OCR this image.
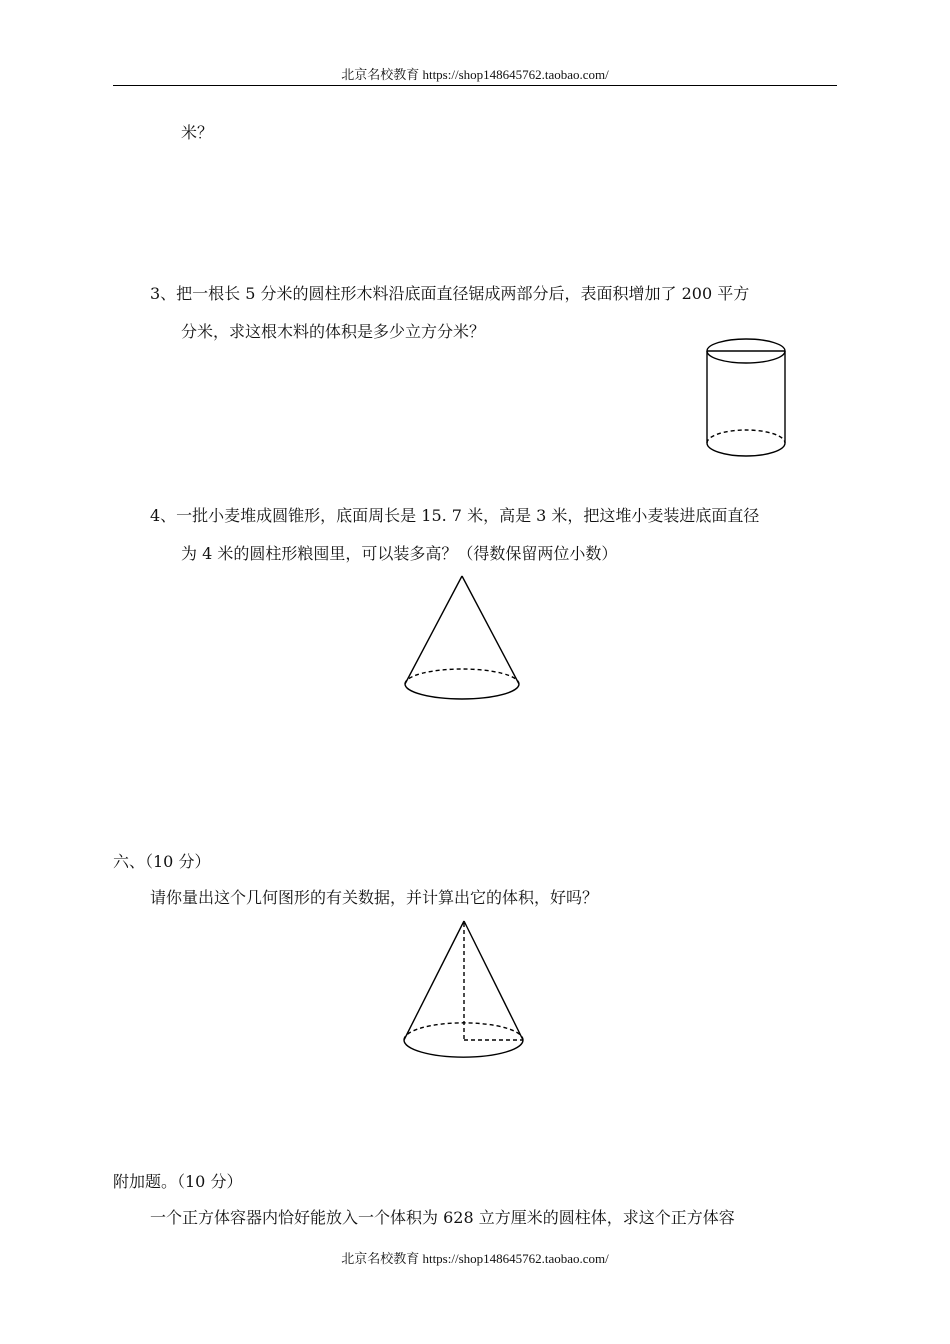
北京名校教育 https://shop148645762.taobao.com/
米？
3、把一根长 5 分米的圆柱形木料沿底面直径锯成两部分后，表面积增加了 200 平方
分米，求这根木料的体积是多少立方分米？
4、一批小麦堆成圆锥形，底面周长是 15. 7 米，高是 3 米，把这堆小麦装进底面直径
为 4 米的圆柱形粮囤里，可以装多高？（得数保留两位小数）
六、（10 分）
请你量出这个几何图形的有关数据，并计算出它的体积，好吗？
附加题。（10 分）
一个正方体容器内恰好能放入一个体积为 628 立方厘米的圆柱体，求这个正方体容
北京名校教育 https://shop148645762.taobao.com/
